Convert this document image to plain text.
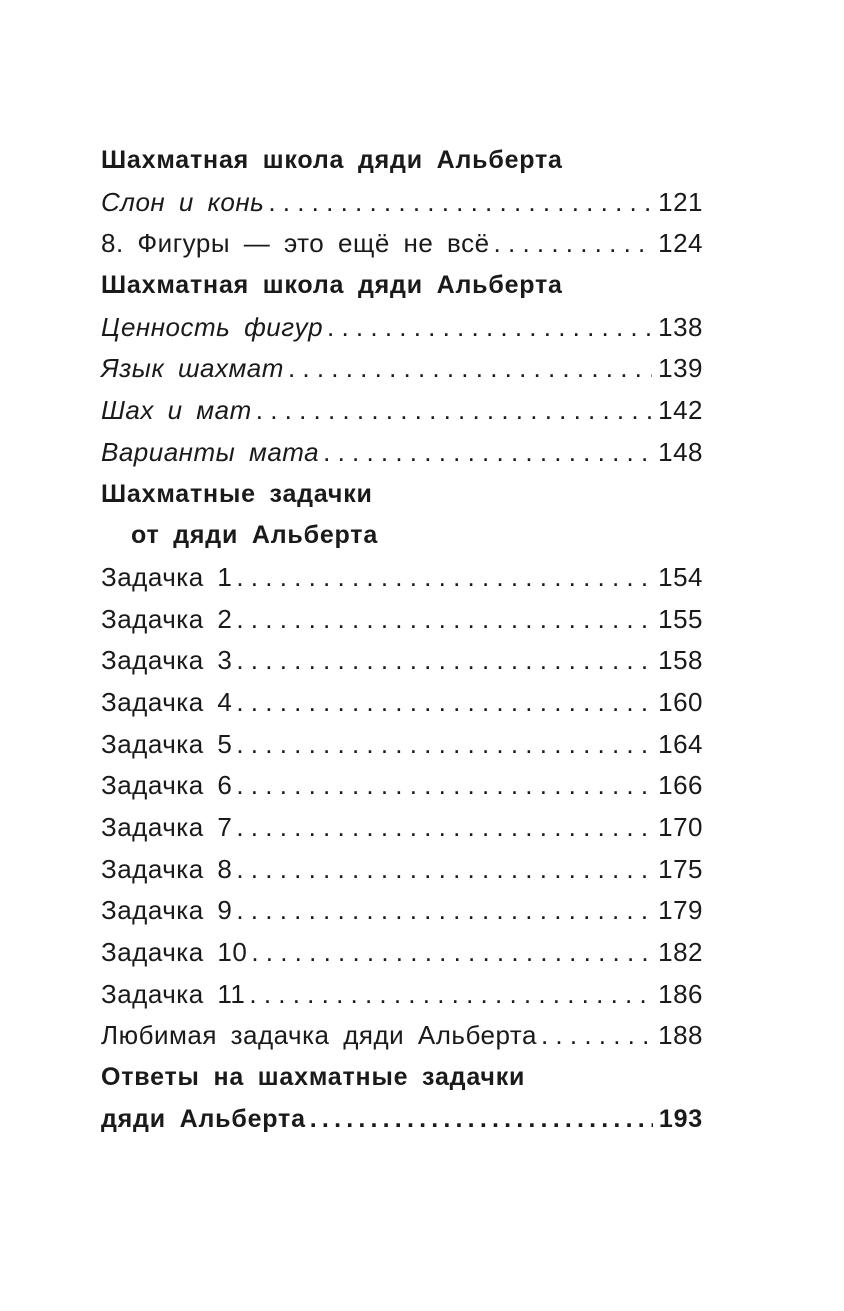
Шахматная школа дяди Альберта
Слон и конь . . .	121
8. Фигуры — это ещё не всё . . .	124
Шахматная школа дяди Альберта
Ценность фигур . . .	138
Язык шахмат . . .	139
Шах и мат . . .	142
Варианты мата . . .	148
Шахматные задачки
от дяди Альберта
Задачка 1 . . .	154
Задачка 2 . . .	155
Задачка 3 . . .	158
Задачка 4 . . .	160
Задачка 5 . . .	164
Задачка 6 . . .	166
Задачка 7 . . .	170
Задачка 8 . . .	175
Задачка 9 . . .	179
Задачка 10 . . .	182
Задачка 11 . . .	186
Любимая задачка дяди Альберта . . .	188
Ответы на шахматные задачки
дяди Альберта .....	193
